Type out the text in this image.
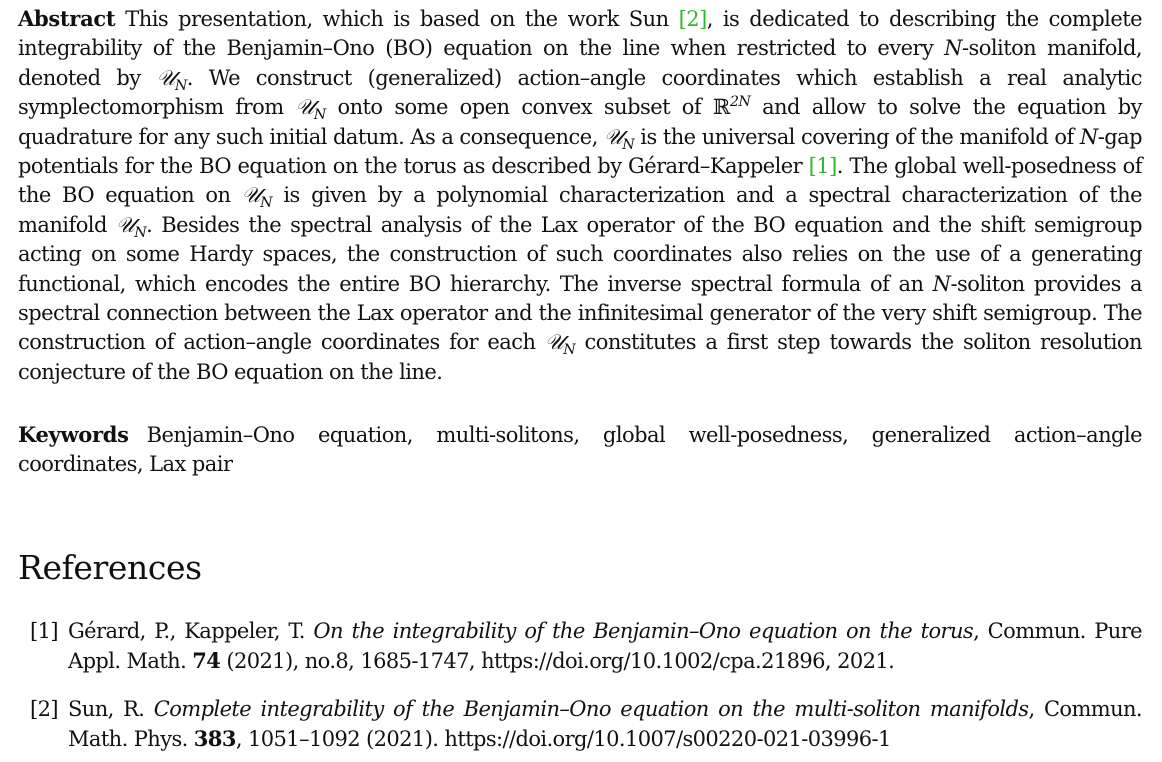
Abstract This presentation, which is based on the work Sun [2], is dedicated to describing the complete integrability of the Benjamin–Ono (BO) equation on the line when restricted to every N-soliton manifold, denoted by 𝒰$_N$. We construct (generalized) action–angle coordinates which establish a real analytic symplectomorphism from 𝒰$_N$ onto some open convex subset of ℝ$^{2N}$ and allow to solve the equation by quadrature for any such initial datum. As a consequence, 𝒰$_N$ is the universal covering of the manifold of N-gap potentials for the BO equation on the torus as described by Gérard–Kappeler [1]. The global well-posedness of the BO equation on 𝒰$_N$ is given by a polynomial characterization and a spectral characterization of the manifold 𝒰$_N$. Besides the spectral analysis of the Lax operator of the BO equation and the shift semigroup acting on some Hardy spaces, the construction of such coordinates also relies on the use of a generating functional, which encodes the entire BO hierarchy. The inverse spectral formula of an N-soliton provides a spectral connection between the Lax operator and the infinitesimal generator of the very shift semigroup. The construction of action–angle coordinates for each 𝒰$_N$ constitutes a first step towards the soliton resolution conjecture of the BO equation on the line.

Keywords Benjamin–Ono equation, multi-solitons, global well-posedness, generalized action–angle coordinates, Lax pair

References
[1] Gérard, P., Kappeler, T. On the integrability of the Benjamin–Ono equation on the torus, Commun. Pure Appl. Math. 74 (2021), no.8, 1685-1747, https://doi.org/10.1002/cpa.21896, 2021.
[2] Sun, R. Complete integrability of the Benjamin–Ono equation on the multi-soliton manifolds, Commun. Math. Phys. 383, 1051–1092 (2021). https://doi.org/10.1007/s00220-021-03996-1
